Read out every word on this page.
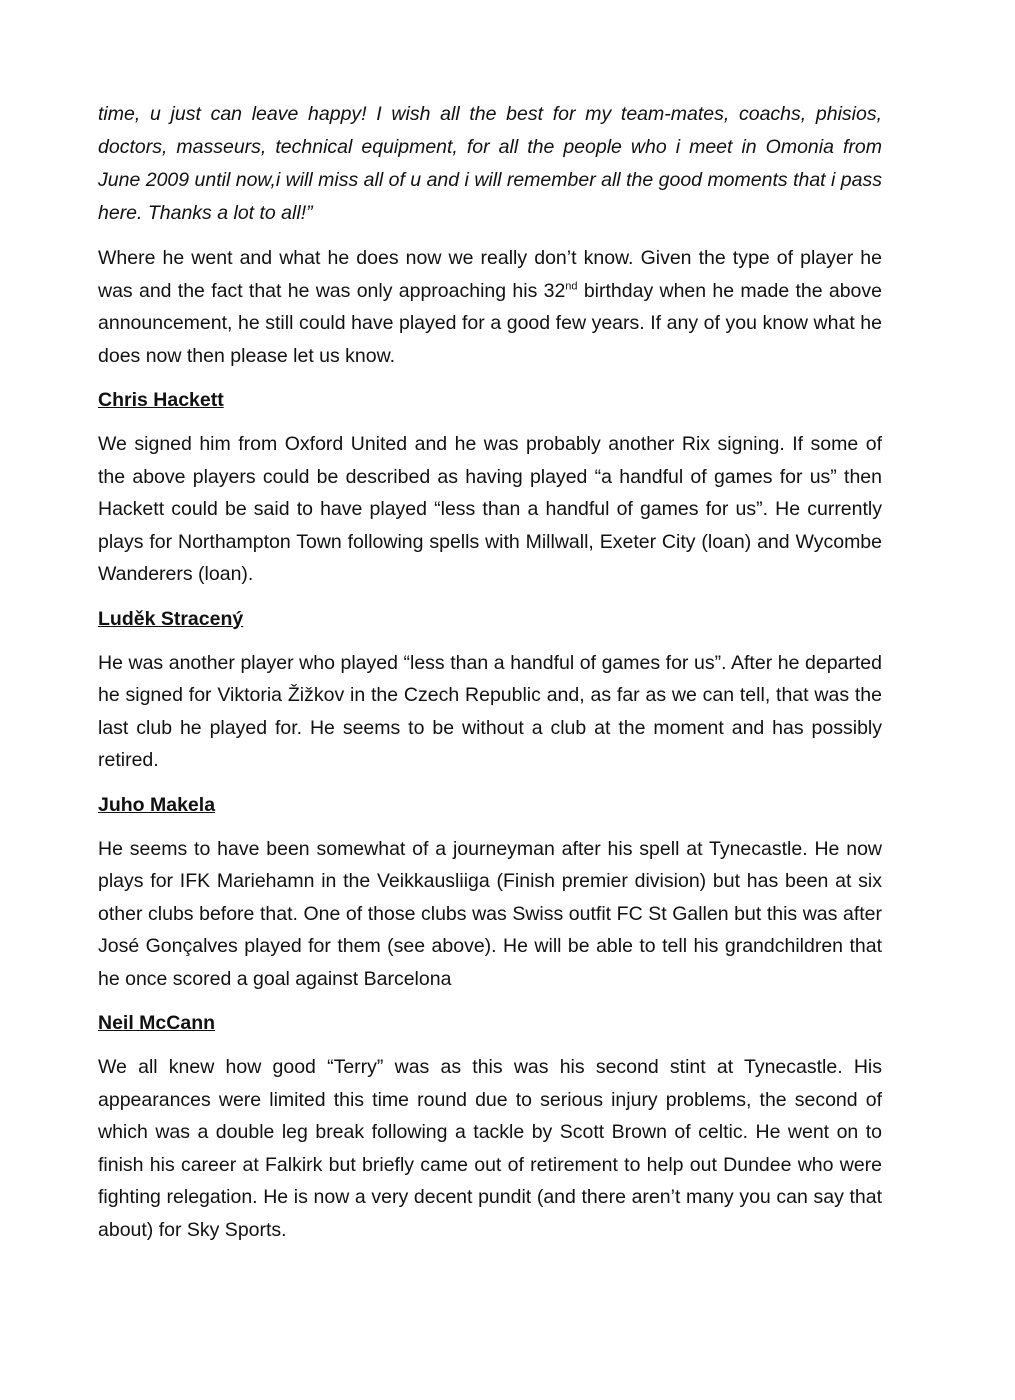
time, u just can leave happy! I wish all the best for my team-mates, coachs, phisios, doctors, masseurs, technical equipment, for all the people who i meet in Omonia from June 2009 until now,i will miss all of u and i will remember all the good moments that i pass here. Thanks a lot to all!”

Where he went and what he does now we really don’t know. Given the type of player he was and the fact that he was only approaching his 32nd birthday when he made the above announcement, he still could have played for a good few years. If any of you know what he does now then please let us know.

Chris Hackett

We signed him from Oxford United and he was probably another Rix signing. If some of the above players could be described as having played “a handful of games for us” then Hackett could be said to have played “less than a handful of games for us”. He currently plays for Northampton Town following spells with Millwall, Exeter City (loan) and Wycombe Wanderers (loan).

Luděk Stracený

He was another player who played “less than a handful of games for us”. After he departed he signed for Viktoria Žižkov in the Czech Republic and, as far as we can tell, that was the last club he played for. He seems to be without a club at the moment and has possibly retired.

Juho Makela

He seems to have been somewhat of a journeyman after his spell at Tynecastle. He now plays for IFK Mariehamn in the Veikkausliiga (Finish premier division) but has been at six other clubs before that. One of those clubs was Swiss outfit FC St Gallen but this was after José Gonçalves played for them (see above). He will be able to tell his grandchildren that he once scored a goal against Barcelona

Neil McCann

We all knew how good “Terry” was as this was his second stint at Tynecastle. His appearances were limited this time round due to serious injury problems, the second of which was a double leg break following a tackle by Scott Brown of celtic. He went on to finish his career at Falkirk but briefly came out of retirement to help out Dundee who were fighting relegation. He is now a very decent pundit (and there aren’t many you can say that about) for Sky Sports.
